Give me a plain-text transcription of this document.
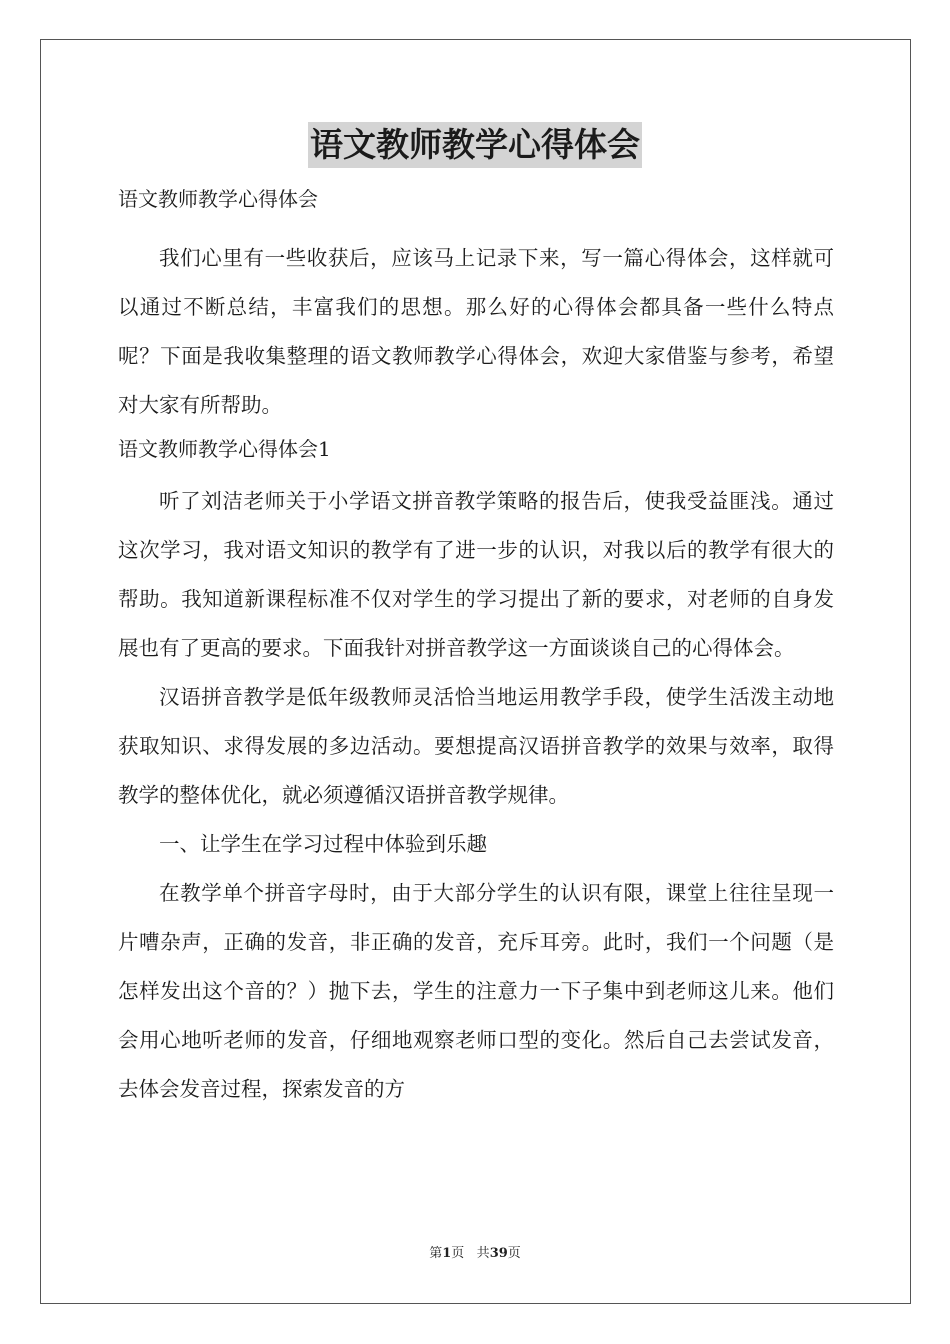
语文教师教学心得体会
语文教师教学心得体会

我们心里有一些收获后，应该马上记录下来，写一篇心得体会，这样就可以通过不断总结，丰富我们的思想。那么好的心得体会都具备一些什么特点呢？下面是我收集整理的语文教师教学心得体会，欢迎大家借鉴与参考，希望对大家有所帮助。

语文教师教学心得体会1

听了刘洁老师关于小学语文拼音教学策略的报告后，使我受益匪浅。通过这次学习，我对语文知识的教学有了进一步的认识，对我以后的教学有很大的帮助。我知道新课程标准不仅对学生的学习提出了新的要求，对老师的自身发展也有了更高的要求。下面我针对拼音教学这一方面谈谈自己的心得体会。

汉语拼音教学是低年级教师灵活恰当地运用教学手段，使学生活泼主动地获取知识、求得发展的多边活动。要想提高汉语拼音教学的效果与效率，取得教学的整体优化，就必须遵循汉语拼音教学规律。

一、让学生在学习过程中体验到乐趣

在教学单个拼音字母时，由于大部分学生的认识有限，课堂上往往呈现一片嘈杂声，正确的发音，非正确的发音，充斥耳旁。此时，我们一个问题（是怎样发出这个音的？）抛下去，学生的注意力一下子集中到老师这儿来。他们会用心地听老师的发音，仔细地观察老师口型的变化。然后自己去尝试发音，去体会发音过程，探索发音的方

第1页 共39页
